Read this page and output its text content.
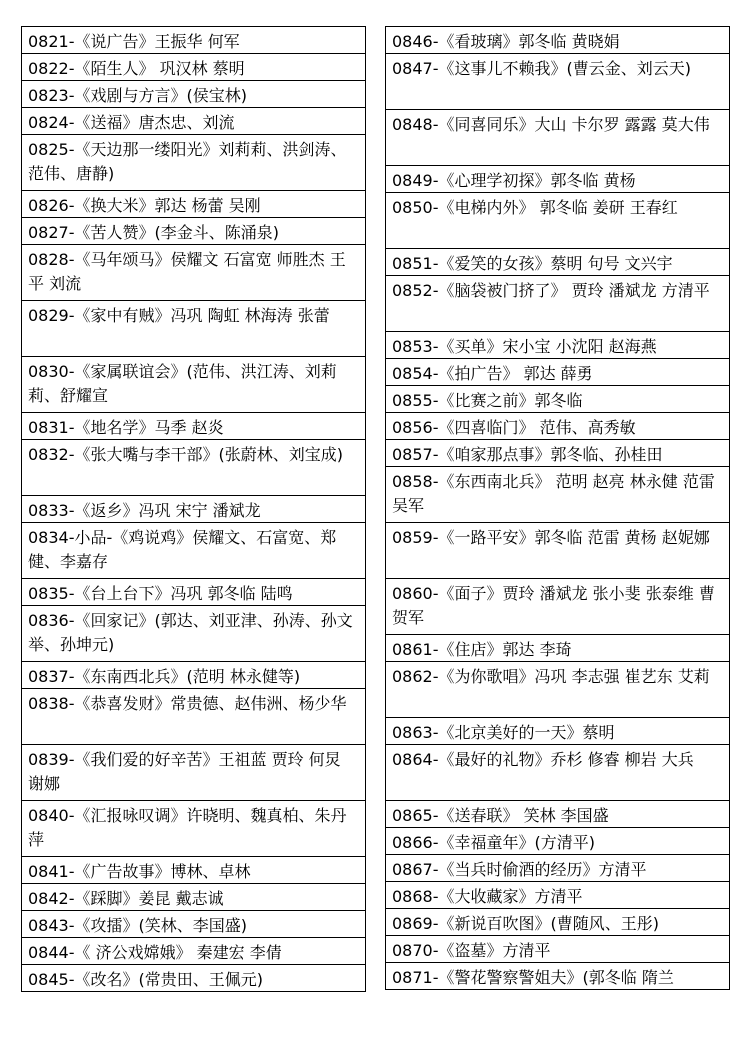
0821-《说广告》王振华 何军
0822-《陌生人》 巩汉林 蔡明
0823-《戏剧与方言》(侯宝林)
0824-《送福》唐杰忠、刘流
0825-《天边那一缕阳光》刘莉莉、洪剑涛、范伟、唐静)
0826-《换大米》郭达 杨蕾 吴刚
0827-《苦人赞》(李金斗、陈涌泉)
0828-《马年颂马》侯耀文 石富宽 师胜杰 王平 刘流
0829-《家中有贼》冯巩 陶虹 林海涛 张蕾
0830-《家属联谊会》(范伟、洪江涛、刘莉莉、舒耀宣
0831-《地名学》马季 赵炎
0832-《张大嘴与李干部》(张蔚林、刘宝成)
0833-《返乡》冯巩 宋宁 潘斌龙
0834-小品-《鸡说鸡》侯耀文、石富宽、郑健、李嘉存
0835-《台上台下》冯巩 郭冬临 陆鸣
0836-《回家记》(郭达、刘亚津、孙涛、孙文举、孙坤元)
0837-《东南西北兵》(范明 林永健等)
0838-《恭喜发财》常贵德、赵伟洲、杨少华
0839-《我们爱的好辛苦》王祖蓝 贾玲 何炅 谢娜
0840-《汇报咏叹调》许晓明、魏真柏、朱丹萍
0841-《广告故事》博林、卓林
0842-《踩脚》姜昆 戴志诚
0843-《攻擂》(笑林、李国盛)
0844-《 济公戏嫦娥》 秦建宏 李倩
0845-《改名》(常贵田、王佩元)
0846-《看玻璃》郭冬临 黄晓娟
0847-《这事儿不赖我》(曹云金、刘云天)
0848-《同喜同乐》大山 卡尔罗 露露 莫大伟
0849-《心理学初探》郭冬临 黄杨
0850-《电梯内外》 郭冬临 姜研 王春红
0851-《爱笑的女孩》蔡明 句号 文兴宇
0852-《脑袋被门挤了》 贾玲 潘斌龙 方清平
0853-《买单》宋小宝 小沈阳 赵海燕
0854-《拍广告》 郭达 薛勇
0855-《比赛之前》郭冬临
0856-《四喜临门》 范伟、高秀敏
0857-《咱家那点事》郭冬临、孙桂田
0858-《东西南北兵》 范明 赵亮 林永健 范雷 吴军
0859-《一路平安》郭冬临 范雷 黄杨 赵妮娜
0860-《面子》贾玲 潘斌龙 张小斐 张泰维 曹贺军
0861-《住店》郭达 李琦
0862-《为你歌唱》冯巩 李志强 崔艺东 艾莉
0863-《北京美好的一天》蔡明
0864-《最好的礼物》乔杉 修睿 柳岩 大兵
0865-《送春联》 笑林 李国盛
0866-《幸福童年》(方清平)
0867-《当兵时偷酒的经历》方清平
0868-《大收藏家》方清平
0869-《新说百吹图》(曹随风、王彤)
0870-《盗墓》方清平
0871-《警花警察警姐夫》(郭冬临 隋兰
